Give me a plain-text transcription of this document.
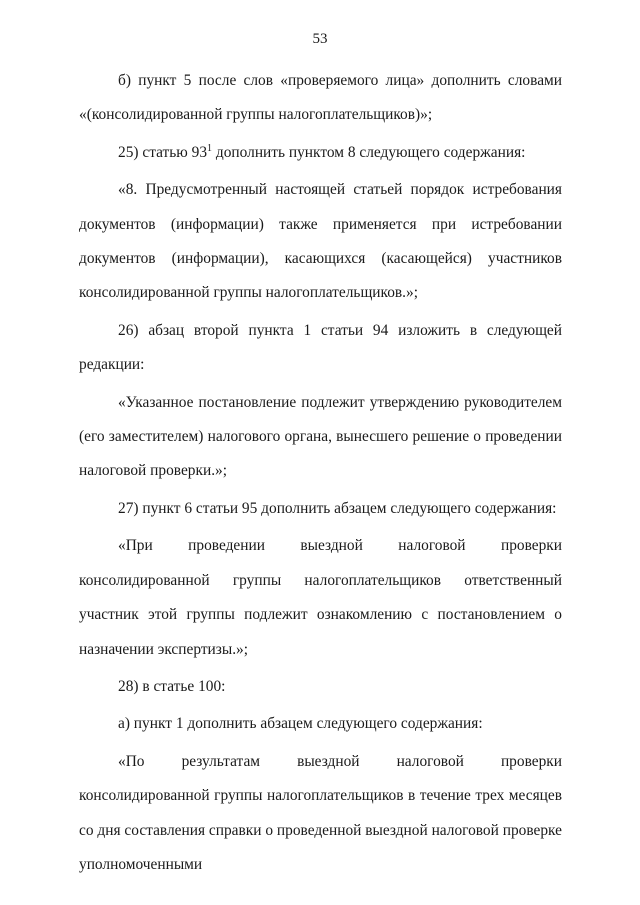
53

б) пункт 5 после слов «проверяемого лица» дополнить словами «(консолидированной группы налогоплательщиков)»;

25) статью $93^1$ дополнить пунктом 8 следующего содержания:

«8. Предусмотренный настоящей статьей порядок истребования документов (информации) также применяется при истребовании документов (информации), касающихся (касающейся) участников консолидированной группы налогоплательщиков.»;

26) абзац второй пункта 1 статьи 94 изложить в следующей редакции:

«Указанное постановление подлежит утверждению руководителем (его заместителем) налогового органа, вынесшего решение о проведении налоговой проверки.»;

27) пункт 6 статьи 95 дополнить абзацем следующего содержания:

«При проведении выездной налоговой проверки консолидированной группы налогоплательщиков ответственный участник этой группы подлежит ознакомлению с постановлением о назначении экспертизы.»;

28) в статье 100:

а) пункт 1 дополнить абзацем следующего содержания:

«По результатам выездной налоговой проверки консолидированной группы налогоплательщиков в течение трех месяцев со дня составления справки о проведенной выездной налоговой проверке уполномоченными
